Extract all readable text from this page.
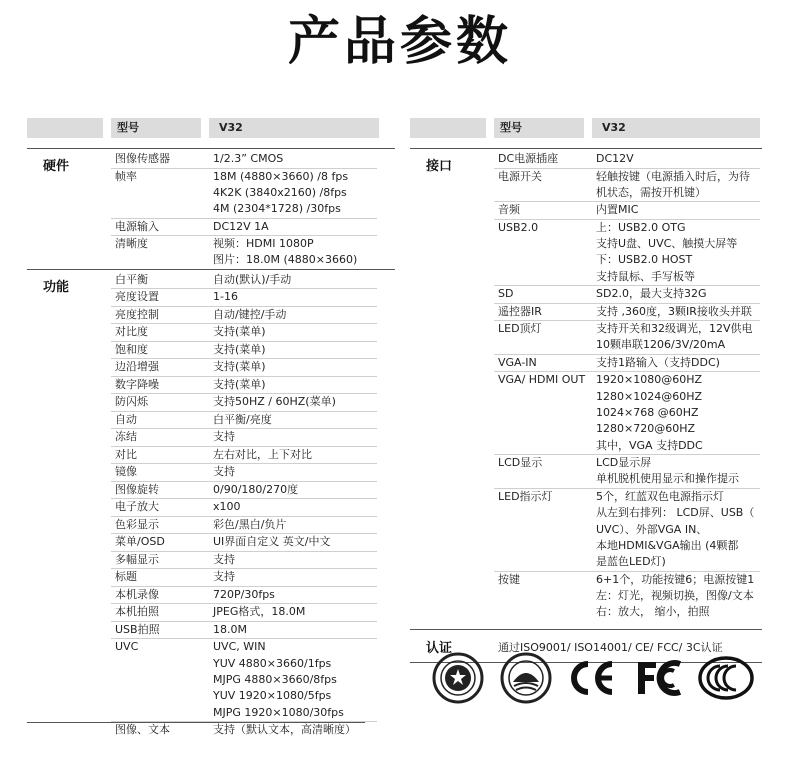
产品参数
型号	V32
硬件
图像传感器	1/2.3” CMOS
帧率	18M (4880×3660) /8 fps
4K2K (3840x2160) /8fps
4M (2304*1728) /30fps
电源输入	DC12V 1A
清晰度	视频：HDMI 1080P
图片：18.0M (4880×3660)
功能
白平衡	自动(默认)/手动
亮度设置	1-16
亮度控制	自动/键控/手动
对比度	支持(菜单)
饱和度	支持(菜单)
边沿增强	支持(菜单)
数字降噪	支持(菜单)
防闪烁	支持50HZ / 60HZ(菜单)
自动	白平衡/亮度
冻结	支持
对比	左右对比，上下对比
镜像	支持
图像旋转	0/90/180/270度
电子放大	x100
色彩显示	彩色/黑白/负片
菜单/OSD	UI界面自定义 英文/中文
多幅显示	支持
标题	支持
本机录像	720P/30fps
本机拍照	JPEG格式，18.0M
USB拍照	18.0M
UVC	UVC, WIN
YUV 4880×3660/1fps
MJPG 4880×3660/8fps
YUV 1920×1080/5fps
MJPG 1920×1080/30fps
图像、文本	支持（默认文本，高清晰度）
型号	V32
接口
DC电源插座	DC12V
电源开关	轻触按键（电源插入时后，为待
机状态，需按开机键）
音频	内置MIC
USB2.0	上：USB2.0 OTG
支持U盘、UVC、触摸大屏等
下：USB2.0 HOST
支持鼠标、手写板等
SD	SD2.0，最大支持32G
遥控器IR	支持 ,360度，3颗IR接收头并联
LED顶灯	支持开关和32级调光，12V供电
10颗串联1206/3V/20mA
VGA-IN	支持1路输入（支持DDC)
VGA/ HDMI OUT 1920×1080@60HZ
1280×1024@60HZ
1024×768 @60HZ
1280×720@60HZ
其中，VGA 支持DDC
LCD显示	LCD显示屏
单机脱机使用显示和操作提示
LED指示灯	5个，红蓝双色电源指示灯
从左到右排列： LCD屏、USB（
UVC）、外部VGA IN、
本地HDMI&VGA输出 (4颗都
是蓝色LED灯)
按键	6+1个，功能按键6；电源按键1
左：灯光，视频切换，图像/文本
右：放大， 缩小，拍照
认证	通过ISO9001/ ISO14001/ CE/ FCC/ 3C认证
